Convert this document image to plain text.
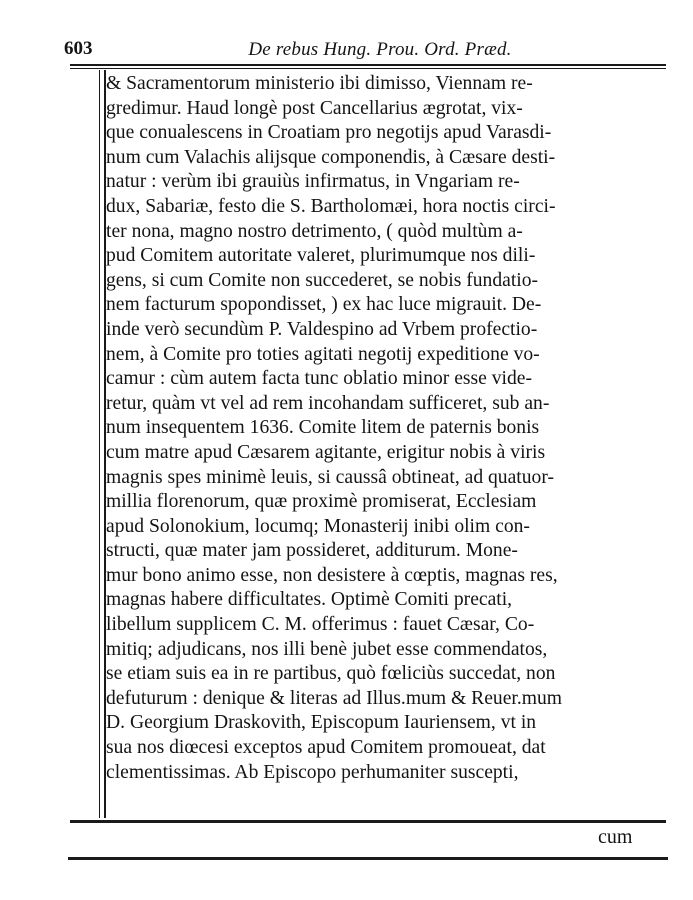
603	De rebus Hung. Prou. Ord. Præd.
& Sacramentorum ministerio ibi dimisso, Viennam re-
gredimur. Haud longè post Cancellarius ægrotat, vix-
que conualescens in Croatiam pro negotijs apud Varasdi-
num cum Valachis alijsque componendis, à Cæsare desti-
natur : verùm ibi grauiùs infirmatus, in Vngariam re-
dux, Sabariæ, festo die S. Bartholomæi, hora noctis circi-
ter nona, magno nostro detrimento, ( quòd multùm a-
pud Comitem autoritate valeret, plurimumque nos dili-
gens, si cum Comite non succederet, se nobis fundatio-
nem facturum spopondisset, ) ex hac luce migrauit. De-
inde verò secundùm P. Valdespino ad Vrbem profectio-
nem, à Comite pro toties agitati negotij expeditione vo-
camur : cùm autem facta tunc oblatio minor esse vide-
retur, quàm vt vel ad rem incohandam sufficeret, sub an-
num insequentem 1636. Comite litem de paternis bonis
cum matre apud Cæsarem agitante, erigitur nobis à viris
magnis spes minimè leuis, si caussâ obtineat, ad quatuor-
millia florenorum, quæ proximè promiserat, Ecclesiam
apud Solonokium, locumq; Monasterij inibi olim con-
structi, quæ mater jam possideret, additurum. Mone-
mur bono animo esse, non desistere à cœptis, magnas res,
magnas habere difficultates. Optimè Comiti precati,
libellum supplicem C. M. offerimus : fauet Cæsar, Co-
mitiq; adjudicans, nos illi benè jubet esse commendatos,
se etiam suis ea in re partibus, quò fœliciùs succedat, non
defuturum : denique & literas ad Illus.mum & Reuer.mum
D. Georgium Draskovith, Episcopum Iauriensem, vt in
sua nos diœcesi exceptos apud Comitem promoueat, dat
clementissimas. Ab Episcopo perhumaniter suscepti,
cum
